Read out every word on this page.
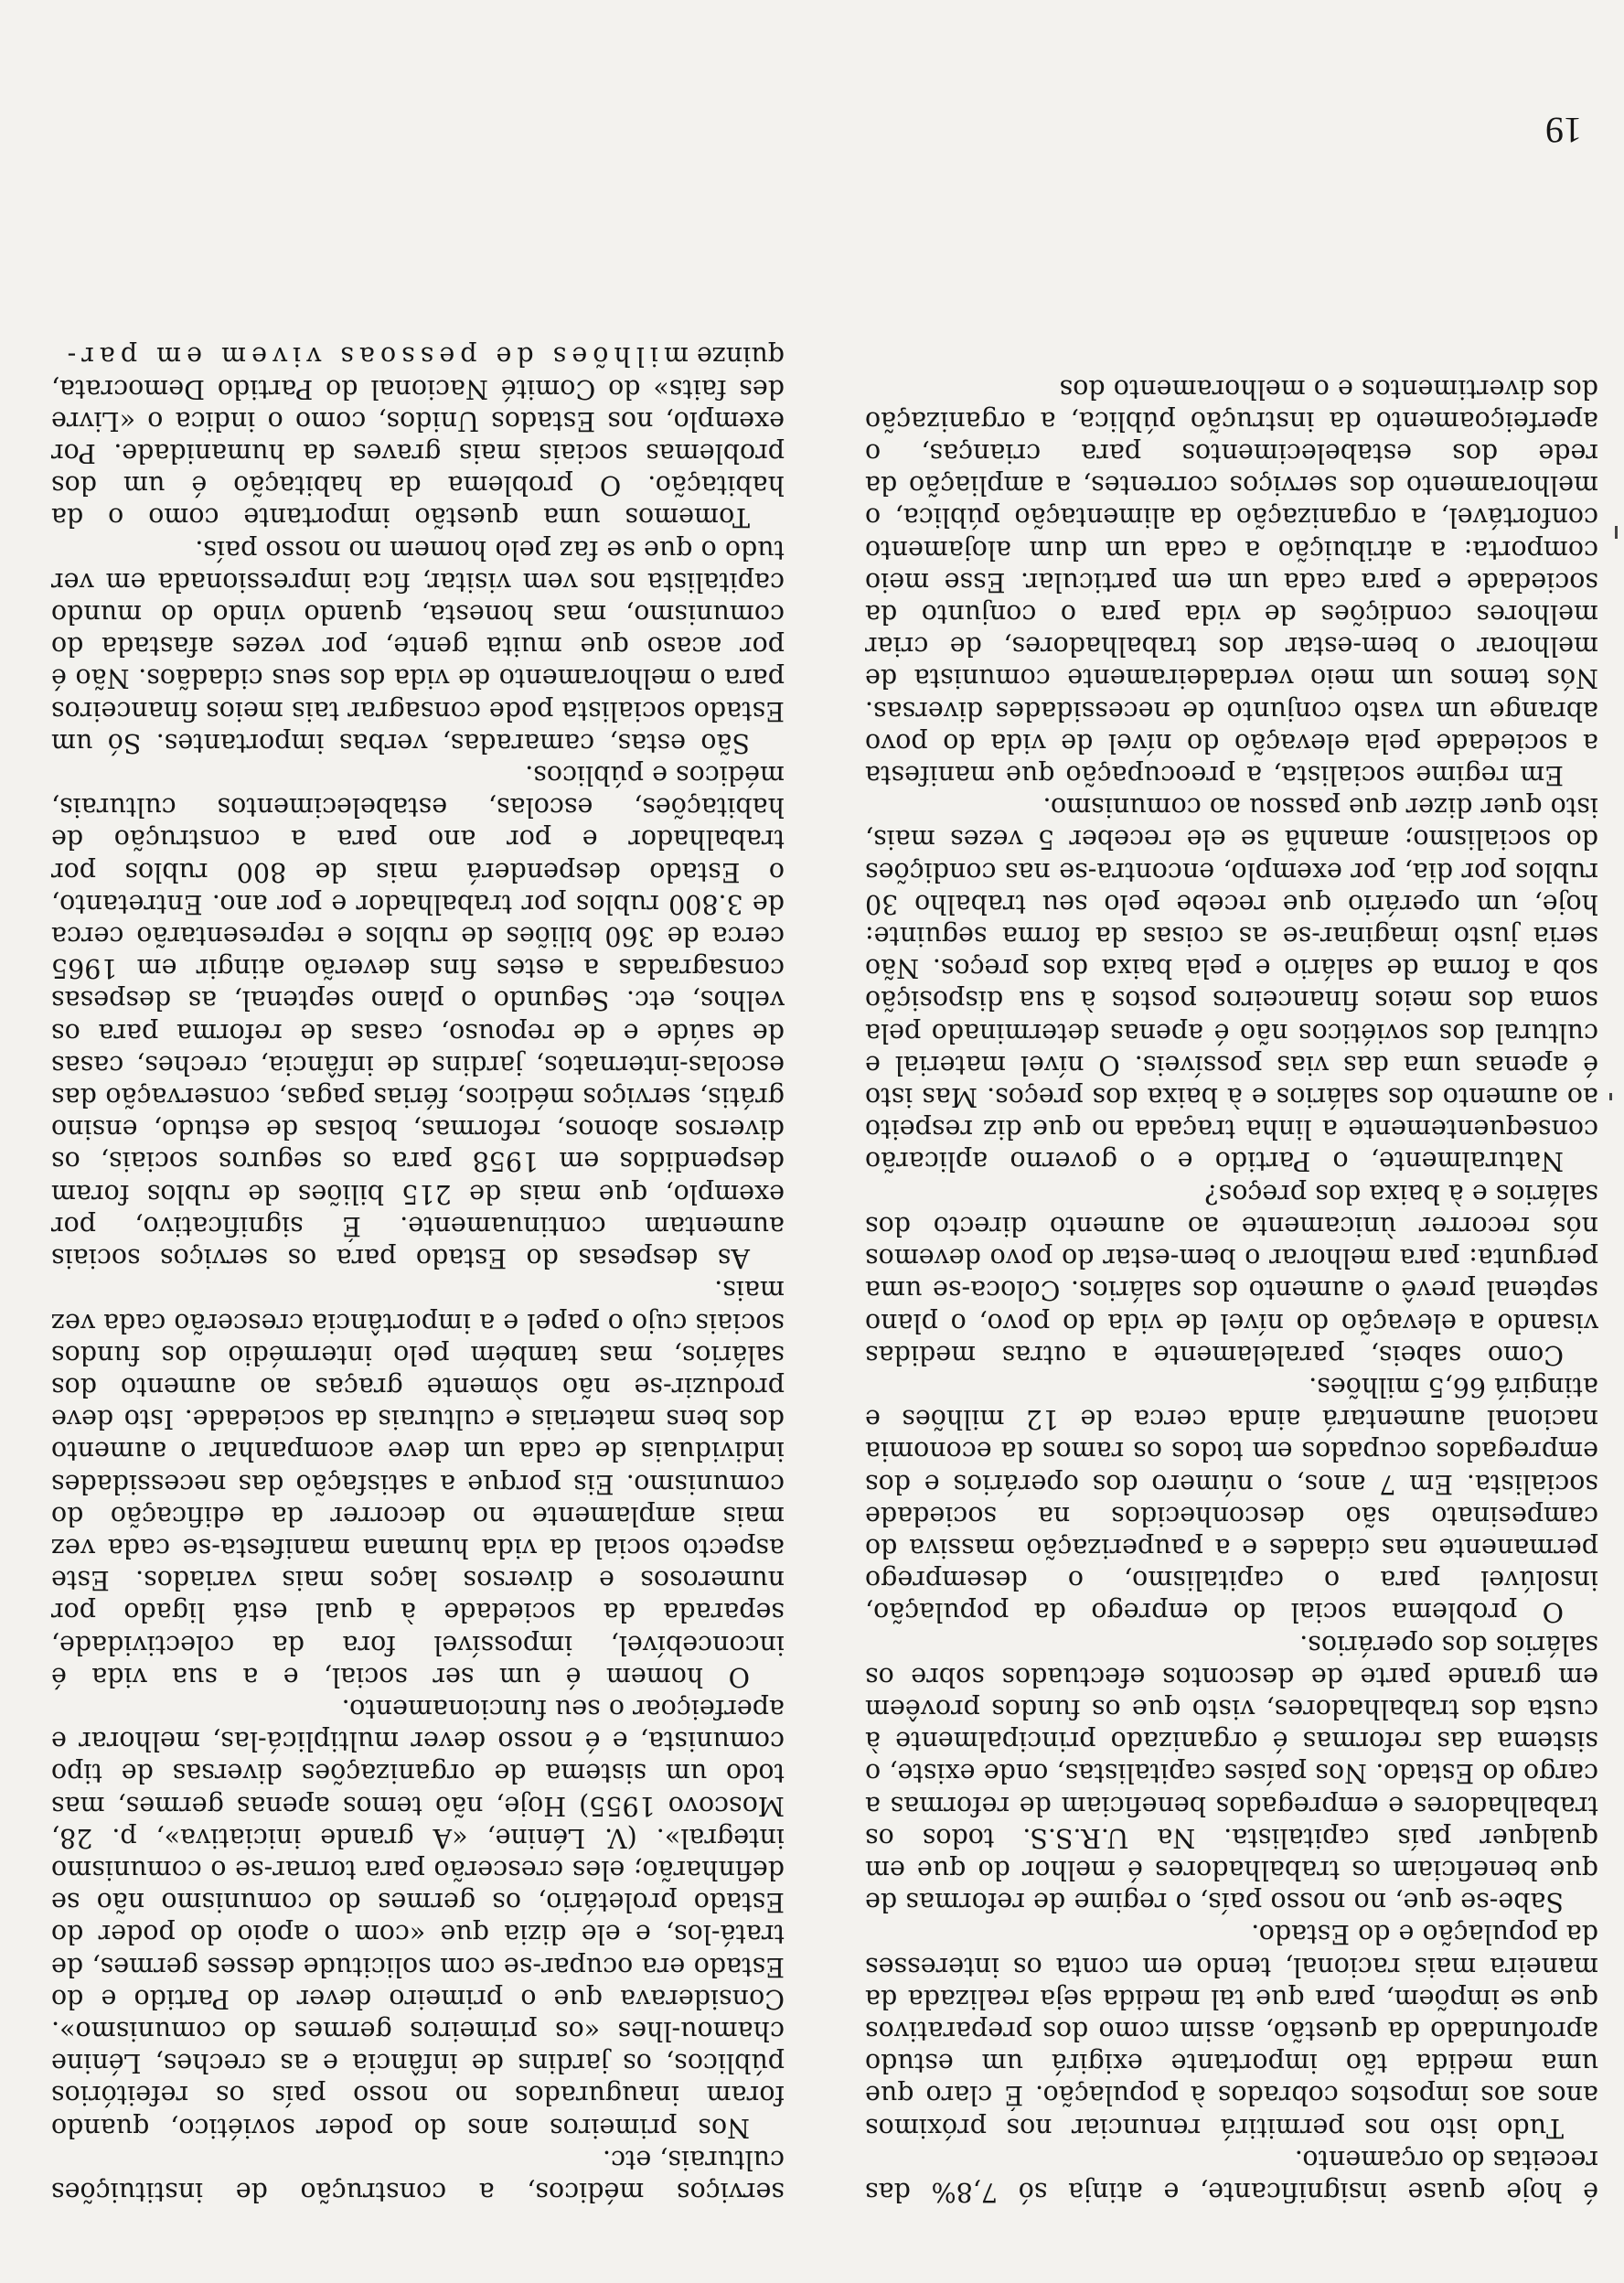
19

é hoje quase insignificante, e atinja só 7,8% das receitas do orçamento.

Tudo isto nos permitirá renunciar nos próximos anos aos impostos cobrados à população. É claro que uma medida tão importante exigirá um estudo aprofundado da questão, assim como dos preparativos que se impõem, para que tal medida seja realizada da maneira mais racional, tendo em conta os interesses da população e do Estado.

Sabe-se que, no nosso país, o regime de reformas de que beneficiam os trabalhadores é melhor do que em qualquer país capitalista. Na U.R.S.S. todos os trabalhadores e empregados beneficiam de reformas a cargo do Estado. Nos países capitalistas, onde existe, o sistema das reformas é organizado principalmente à custa dos trabalhadores, visto que os fundos provêem em grande parte de descontos efectuados sobre os salários dos operários.

O problema social do emprego da população, insolúvel para o capitalismo, o desemprego permanente nas cidades e a pauperização massiva do campesinato são desconhecidos na sociedade socialista. Em 7 anos, o número dos operários e dos empregados ocupados em todos os ramos da economia nacional aumentará ainda cerca de 12 milhões e atingirá 66,5 milhões.

Como sabeis, paralelamente a outras medidas visando a elevação do nível de vida do povo, o plano septenal prevê o aumento dos salários. Coloca-se uma pergunta: para melhorar o bem-estar do povo devemos nós recorrer ùnicamente ao aumento directo dos salários e à baixa dos preços?

Naturalmente, o Partido e o governo aplicarão consequentemente a linha traçada no que diz respeito ao aumento dos salários e à baixa dos preços. Mas isto é apenas uma das vias possíveis. O nível material e cultural dos soviéticos não é apenas determinado pela soma dos meios financeiros postos à sua disposição sob a forma de salário e pela baixa dos preços. Não seria justo imaginar-se as coisas da forma seguinte: hoje, um operário que recebe pelo seu trabalho 30 rublos por dia, por exemplo, encontra-se nas condições do socialismo; amanhã se ele receber 5 vezes mais, isto quer dizer que passou ao comunismo.

Em regime socialista, a preocupação que manifesta a sociedade pela elevação do nível de vida do povo abrange um vasto conjunto de necessidades diversas. Nós temos um meio verdadeiramente comunista de melhorar o bem-estar dos trabalhadores, de criar melhores condições de vida para o conjunto da sociedade e para cada um em particular. Esse meio comporta: a atribuição a cada um dum alojamento confortável, a organização da alimentação pública, o melhoramento dos serviços correntes, a ampliação da rede dos estabelecimentos para crianças, o aperfeiçoamento da instrução pública, a organização dos divertimentos e o melhoramento dos

serviços médicos, a construção de instituições culturais, etc.

Nos primeiros anos do poder soviético, quando foram inaugurados no nosso país os refeitórios públicos, os jardins de infância e as creches, Lénine chamou-lhes «os primeiros germes do comunismo». Considerava que o primeiro dever do Partido e do Estado era ocupar-se com solicitude desses germes, de tratá-los, e ele dizia que «com o apoio do poder do Estado proletário, os germes do comunismo não se definharão; eles crescerão para tornar-se o comunismo integral». (V. Lénine, «A grande iniciativa», p. 28, Moscovo 1955) Hoje, não temos apenas germes, mas todo um sistema de organizações diversas de tipo comunista, e é nosso dever multiplicá-las, melhorar e aperfeiçoar o seu funcionamento.

O homem é um ser social, e a sua vida é inconcebível, impossível fora da colectividade, separada da sociedade à qual está ligado por numerosos e diversos laços mais variados. Este aspecto social da vida humana manifesta-se cada vez mais amplamente no decorrer da edificação do comunismo. Eis porque a satisfação das necessidades individuais de cada um deve acompanhar o aumento dos bens materiais e culturais da sociedade. Isto deve produzir-se não sòmente graças ao aumento dos salários, mas também pelo intermédio dos fundos sociais cujo o papel e a importância crescerão cada vez mais.

As despesas do Estado para os serviços sociais aumentam continuamente. É significativo, por exemplo, que mais de 215 biliões de rublos foram despendidos em 1958 para os seguros sociais, os diversos abonos, reformas, bolsas de estudo, ensino grátis, serviços médicos, férias pagas, conservação das escolas-internatos, jardins de infância, creches, casas de saúde e de repouso, casas de reforma para os velhos, etc. Segundo o plano septenal, as despesas consagradas a estes fins deverão atingir em 1965 cerca de 360 biliões de rublos e representarão cerca de 3.800 rublos por trabalhador e por ano. Entretanto, o Estado despenderá mais de 800 rublos por trabalhador e por ano para a construção de habitações, escolas, estabelecimentos culturais, médicos e públicos.

São estas, camaradas, verbas importantes. Só um Estado socialista pode consagrar tais meios financeiros para o melhoramento de vida dos seus cidadãos. Não é por acaso que muita gente, por vezes afastada do comunismo, mas honesta, quando vindo do mundo capitalista nos vem visitar, fica impressionada em ver tudo o que se faz pelo homem no nosso país.

Tomemos uma questão importante como o da habitação. O problema da habitação é um dos problemas sociais mais graves da humanidade. Por exemplo, nos Estados Unidos, como o indica o «Livre des faits» do Comité Nacional do Partido Democrata, quinze milhões de pessoas vivem em par-
